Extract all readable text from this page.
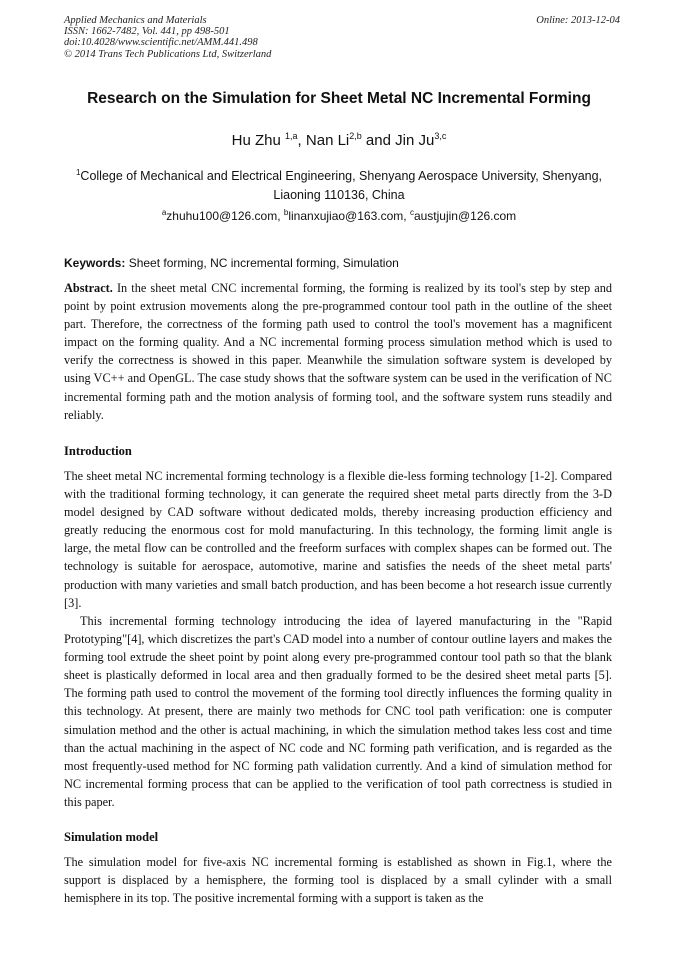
Applied Mechanics and Materials
ISSN: 1662-7482, Vol. 441, pp 498-501
doi:10.4028/www.scientific.net/AMM.441.498
© 2014 Trans Tech Publications Ltd, Switzerland
Online: 2013-12-04
Research on the Simulation for Sheet Metal NC Incremental Forming
Hu Zhu $^{1,a}$, Nan Li$^{2,b}$ and Jin Ju$^{3,c}$
$^1$College of Mechanical and Electrical Engineering, Shenyang Aerospace University, Shenyang, Liaoning 110136, China
$^a$zhuhu100@126.com, $^b$linanxujiao@163.com, $^c$austjujin@126.com
Keywords: Sheet forming, NC incremental forming, Simulation

Abstract. In the sheet metal CNC incremental forming, the forming is realized by its tool's step by step and point by point extrusion movements along the pre-programmed contour tool path in the outline of the sheet part. Therefore, the correctness of the forming path used to control the tool's movement has a magnificent impact on the forming quality. And a NC incremental forming process simulation method which is used to verify the correctness is showed in this paper. Meanwhile the simulation software system is developed by using VC++ and OpenGL. The case study shows that the software system can be used in the verification of NC incremental forming path and the motion analysis of forming tool, and the software system runs steadily and reliably.

Introduction

The sheet metal NC incremental forming technology is a flexible die-less forming technology [1-2]. Compared with the traditional forming technology, it can generate the required sheet metal parts directly from the 3-D model designed by CAD software without dedicated molds, thereby increasing production efficiency and greatly reducing the enormous cost for mold manufacturing. In this technology, the forming limit angle is large, the metal flow can be controlled and the freeform surfaces with complex shapes can be formed out. The technology is suitable for aerospace, automotive, marine and satisfies the needs of the sheet metal parts' production with many varieties and small batch production, and has been become a hot research issue currently [3].

This incremental forming technology introducing the idea of layered manufacturing in the "Rapid Prototyping"[4], which discretizes the part's CAD model into a number of contour outline layers and makes the forming tool extrude the sheet point by point along every pre-programmed contour tool path so that the blank sheet is plastically deformed in local area and then gradually formed to be the desired sheet metal parts [5]. The forming path used to control the movement of the forming tool directly influences the forming quality in this technology. At present, there are mainly two methods for CNC tool path verification: one is computer simulation method and the other is actual machining, in which the simulation method takes less cost and time than the actual machining in the aspect of NC code and NC forming path verification, and is regarded as the most frequently-used method for NC forming path validation currently. And a kind of simulation method for NC incremental forming process that can be applied to the verification of tool path correctness is studied in this paper.

Simulation model

The simulation model for five-axis NC incremental forming is established as shown in Fig.1, where the support is displaced by a hemisphere, the forming tool is displaced by a small cylinder with a small hemisphere in its top. The positive incremental forming with a support is taken as the
